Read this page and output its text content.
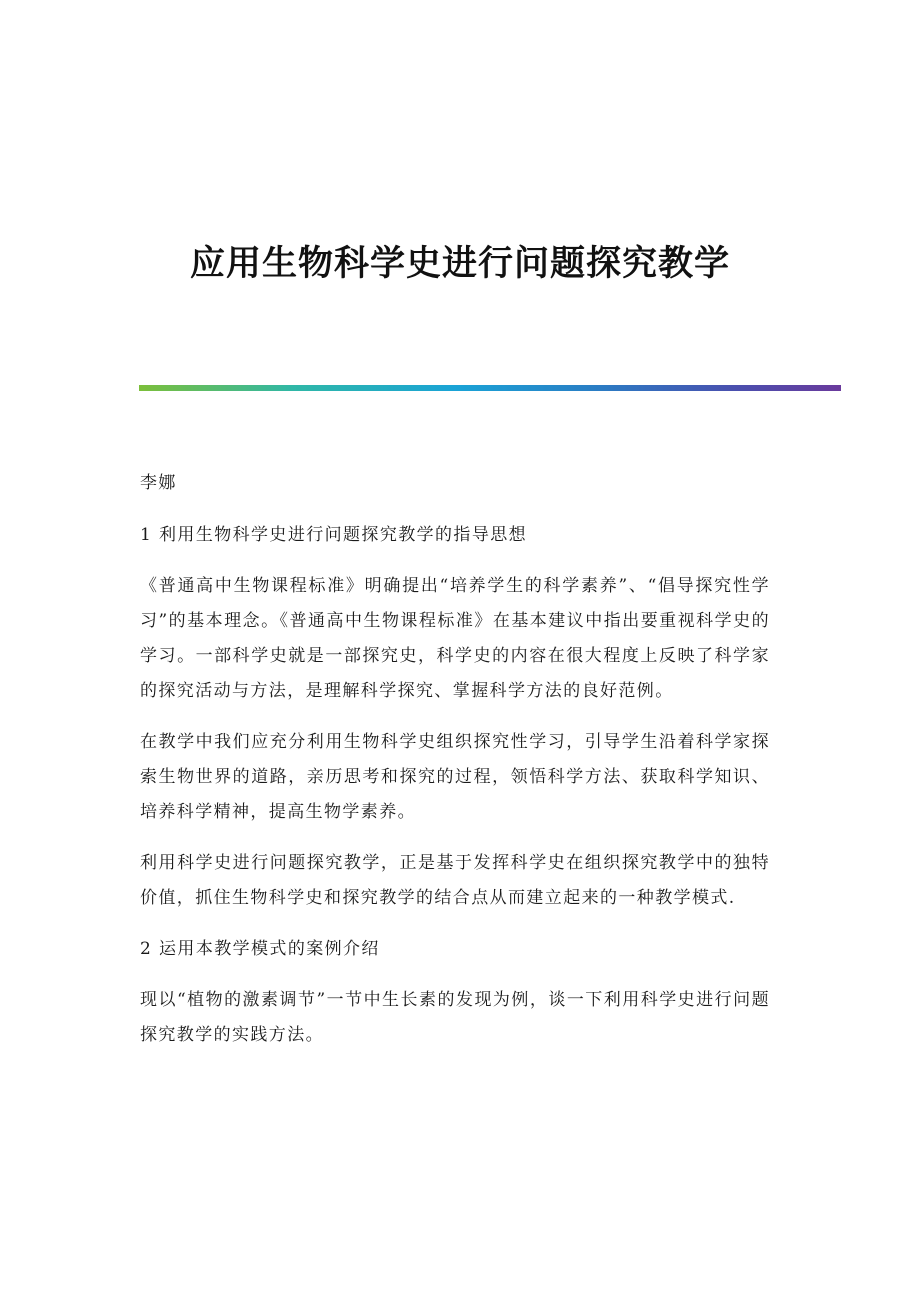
应用生物科学史进行问题探究教学

李娜

1 利用生物科学史进行问题探究教学的指导思想

《普通高中生物课程标准》明确提出“培养学生的科学素养”、“倡导探究性学习”的基本理念。《普通高中生物课程标准》在基本建议中指出要重视科学史的学习。一部科学史就是一部探究史，科学史的内容在很大程度上反映了科学家的探究活动与方法，是理解科学探究、掌握科学方法的良好范例。

在教学中我们应充分利用生物科学史组织探究性学习，引导学生沿着科学家探索生物世界的道路，亲历思考和探究的过程，领悟科学方法、获取科学知识、培养科学精神，提高生物学素养。

利用科学史进行问题探究教学，正是基于发挥科学史在组织探究教学中的独特价值，抓住生物科学史和探究教学的结合点从而建立起来的一种教学模式.

2 运用本教学模式的案例介绍

现以“植物的激素调节”一节中生长素的发现为例，谈一下利用科学史进行问题探究教学的实践方法。
